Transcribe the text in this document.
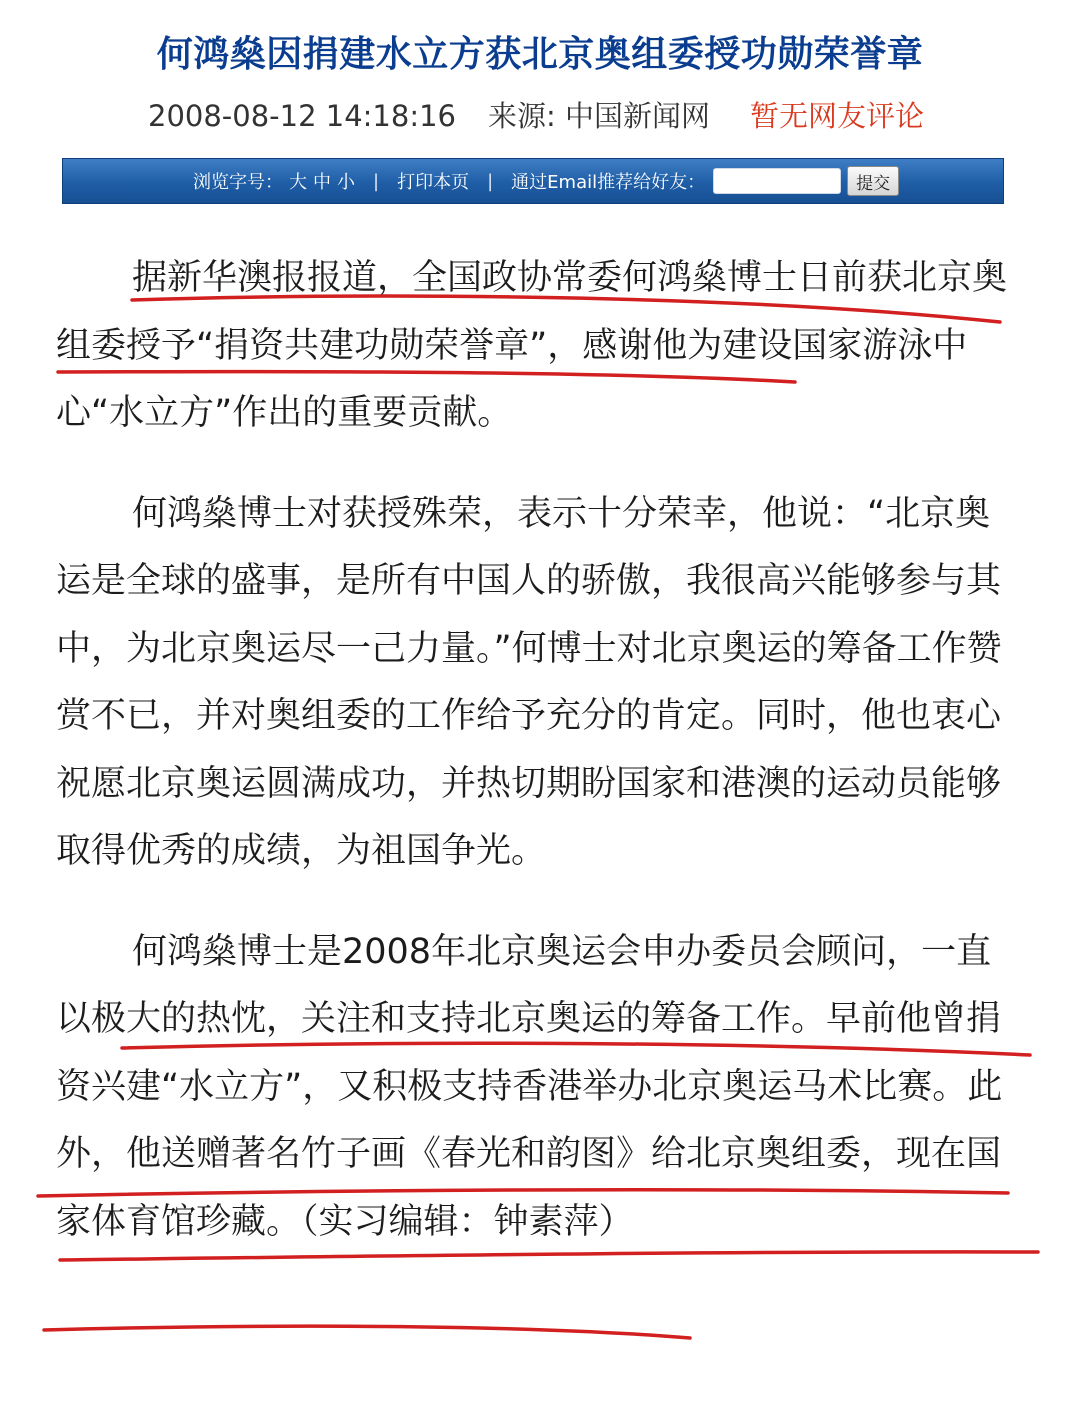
何鸿燊因捐建水立方获北京奥组委授功勋荣誉章
2008-08-12 14:18:16 来源: 中国新闻网 暂无网友评论
浏览字号： 大 中 小 | 打印本页 | 通过Email推荐给好友：	提交

据新华澳报报道，全国政协常委何鸿燊博士日前获北京奥组委授予“捐资共建功勋荣誉章”，感谢他为建设国家游泳中心“水立方”作出的重要贡献。

何鸿燊博士对获授殊荣，表示十分荣幸，他说：“北京奥运是全球的盛事，是所有中国人的骄傲，我很高兴能够参与其中，为北京奥运尽一己力量。”何博士对北京奥运的筹备工作赞赏不已，并对奥组委的工作给予充分的肯定。同时，他也衷心祝愿北京奥运圆满成功，并热切期盼国家和港澳的运动员能够取得优秀的成绩，为祖国争光。

何鸿燊博士是2008年北京奥运会申办委员会顾问，一直以极大的热忱，关注和支持北京奥运的筹备工作。早前他曾捐资兴建“水立方”，又积极支持香港举办北京奥运马术比赛。此外，他送赠著名竹子画《春光和韵图》给北京奥组委，现在国家体育馆珍藏。（实习编辑：钟素萍）
